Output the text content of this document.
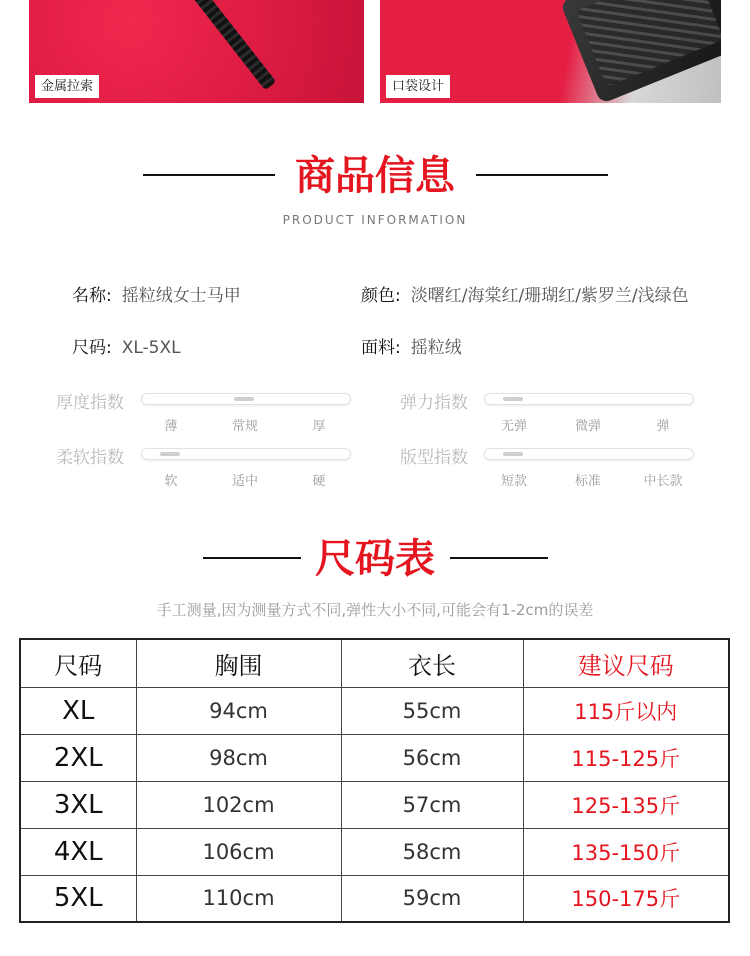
金属拉索	口袋设计
商品信息
PRODUCT INFORMATION
名称: 摇粒绒女士马甲	颜色: 淡曙红/海棠红/珊瑚红/紫罗兰/浅绿色
尺码: XL-5XL	面料: 摇粒绒
厚度指数
薄	常规	厚
弹力指数
无弹	微弹	弹
柔软指数
软	适中	硬
版型指数
短款	标准	中长款
尺码表
手工测量,因为测量方式不同,弹性大小不同,可能会有1-2cm的误差
尺码	胸围	衣长	建议尺码
XL	94cm	55cm	115斤以内
2XL	98cm	56cm	115-125斤
3XL	102cm	57cm	125-135斤
4XL	106cm	58cm	135-150斤
5XL	110cm	59cm	150-175斤
